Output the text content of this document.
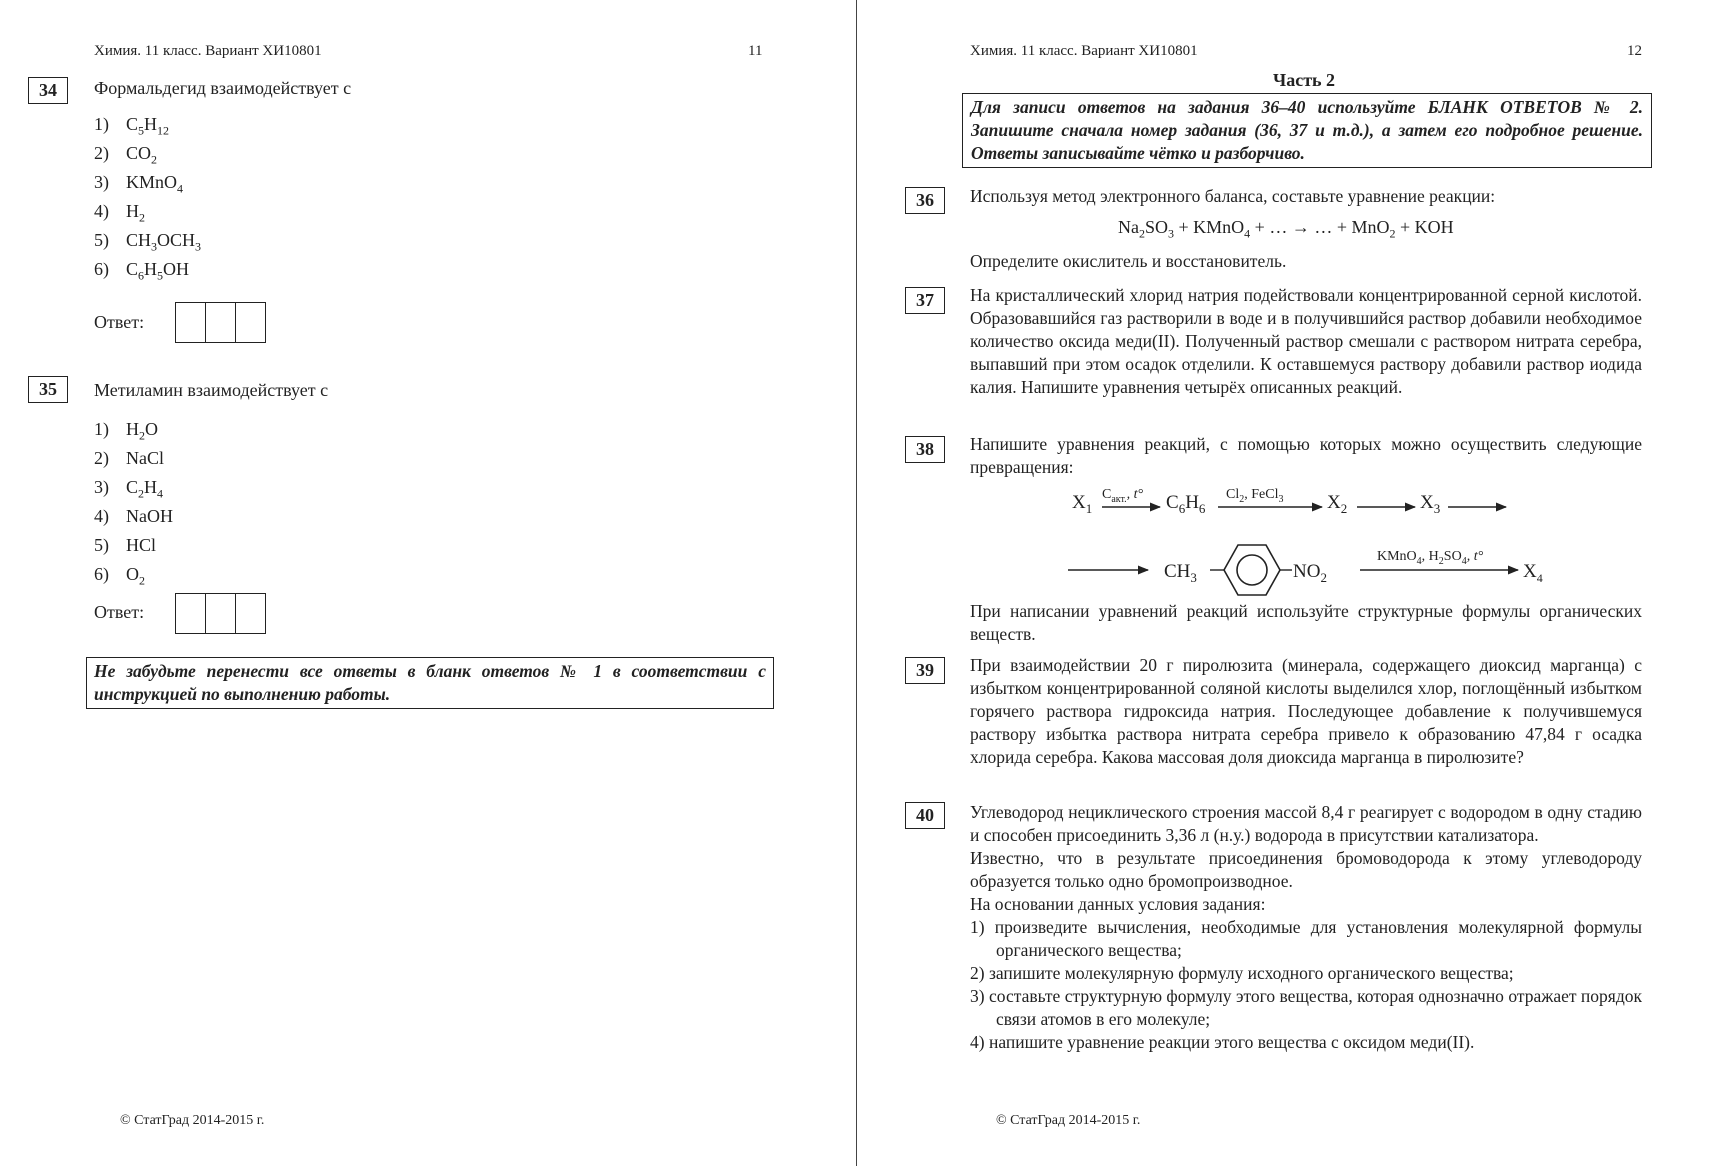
Химия. 11 класс. Вариант ХИ10801	11
34	Формальдегид взаимодействует с
1) $C_5H_{12}$
2) $CO_2$
3) KMnO$_4$
4) $H_2$
5) $CH_3OCH_3$
6) $C_6H_5OH$
Ответ:
35	Метиламин взаимодействует с
1) $H_2O$
2) NaCl
3) $C_2H_4$
4) NaOH
5) HCl
6) $O_2$
Ответ:
Не забудьте перенести все ответы в бланк ответов № 1 в соответствии с инструкцией по выполнению работы.
© СтатГрад 2014-2015 г.
Химия. 11 класс. Вариант ХИ10801	12
Часть 2
Для записи ответов на задания 36–40 используйте БЛАНК ОТВЕТОВ № 2. Запишите сначала номер задания (36, 37 и т.д.), а затем его подробное решение. Ответы записывайте чётко и разборчиво.
36	Используя метод электронного баланса, составьте уравнение реакции:
$Na_2SO_3$ + KMnO$_4$ + … → … + MnO$_2$ + KOH
Определите окислитель и восстановитель.
37	На кристаллический хлорид натрия подействовали концентрированной серной кислотой. Образовавшийся газ растворили в воде и в получившийся раствор добавили необходимое количество оксида меди(II). Полученный раствор смешали с раствором нитрата серебра, выпавший при этом осадок отделили. К оставшемуся раствору добавили раствор иодида калия. Напишите уравнения четырёх описанных реакций.
38	Напишите уравнения реакций, с помощью которых можно осуществить следующие превращения:
$X_1$
$C_{акт.}$, t° $C_6H_6$
$Cl_2$, FeCl$_3$ $X_2$	$X_3$
$CH_3$	$NO_2$
KMnO$_4$, $H_2SO_4$, t°
$X_4$
При написании уравнений реакций используйте структурные формулы органических веществ.
39	При взаимодействии 20 г пиролюзита (минерала, содержащего диоксид марганца) с избытком концентрированной соляной кислоты выделился хлор, поглощённый избытком горячего раствора гидроксида натрия. Последующее добавление к получившемуся раствору избытка раствора нитрата серебра привело к образованию 47,84 г осадка хлорида серебра. Какова массовая доля диоксида марганца в пиролюзите?
40	Углеводород нециклического строения массой 8,4 г реагирует с водородом в одну стадию и способен присоединить 3,36 л (н.у.) водорода в присутствии катализатора.
Известно, что в результате присоединения бромоводорода к этому углеводороду образуется только одно бромопроизводное.
На основании данных условия задания:
1) произведите вычисления, необходимые для установления молекулярной формулы органического вещества;
2) запишите молекулярную формулу исходного органического вещества;
3) составьте структурную формулу этого вещества, которая однозначно отражает порядок связи атомов в его молекуле;
4) напишите уравнение реакции этого вещества с оксидом меди(II).
© СтатГрад 2014-2015 г.
